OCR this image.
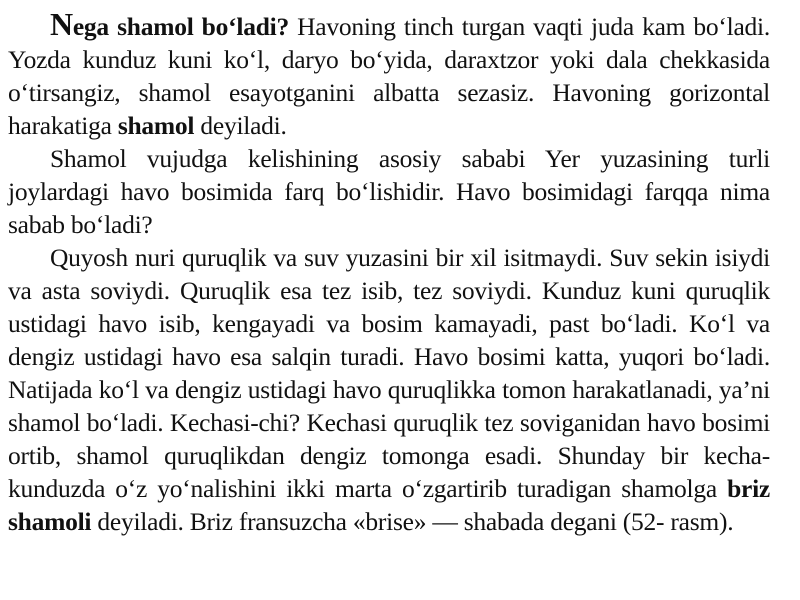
Nega shamol bo‘ladi? Havoning tinch turgan vaqti juda kam bo‘ladi. Yozda kunduz kuni ko‘l, daryo bo‘yida, daraxtzor yoki dala chekkasida o‘tirsangiz, shamol esayotganini albatta sezasiz. Havoning gorizontal harakatiga shamol deyiladi.

Shamol vujudga kelishining asosiy sababi Yer yuzasining turli joylardagi havo bosimida farq bo‘lishidir. Havo bosimidagi farqqa nima sabab bo‘ladi?

Quyosh nuri quruqlik va suv yuzasini bir xil isitmaydi. Suv sekin isiydi va asta soviydi. Quruqlik esa tez isib, tez soviydi. Kunduz kuni quruqlik ustidagi havo isib, kengayadi va bosim kamayadi, past bo‘ladi. Ko‘l va dengiz ustidagi havo esa salqin turadi. Havo bosimi katta, yuqori bo‘ladi. Natijada ko‘l va dengiz ustidagi havo quruqlikka tomon harakatlanadi, ya’ni shamol bo‘ladi. Kechasi-chi? Kechasi quruqlik tez soviganidan havo bosimi ortib, shamol quruqlikdan dengiz tomonga esadi. Shunday bir kecha-kunduzda o‘z yo‘nalishini ikki marta o‘zgartirib turadigan shamolga briz shamoli deyiladi. Briz fransuzcha «brise» — shabada degani (52- rasm).
